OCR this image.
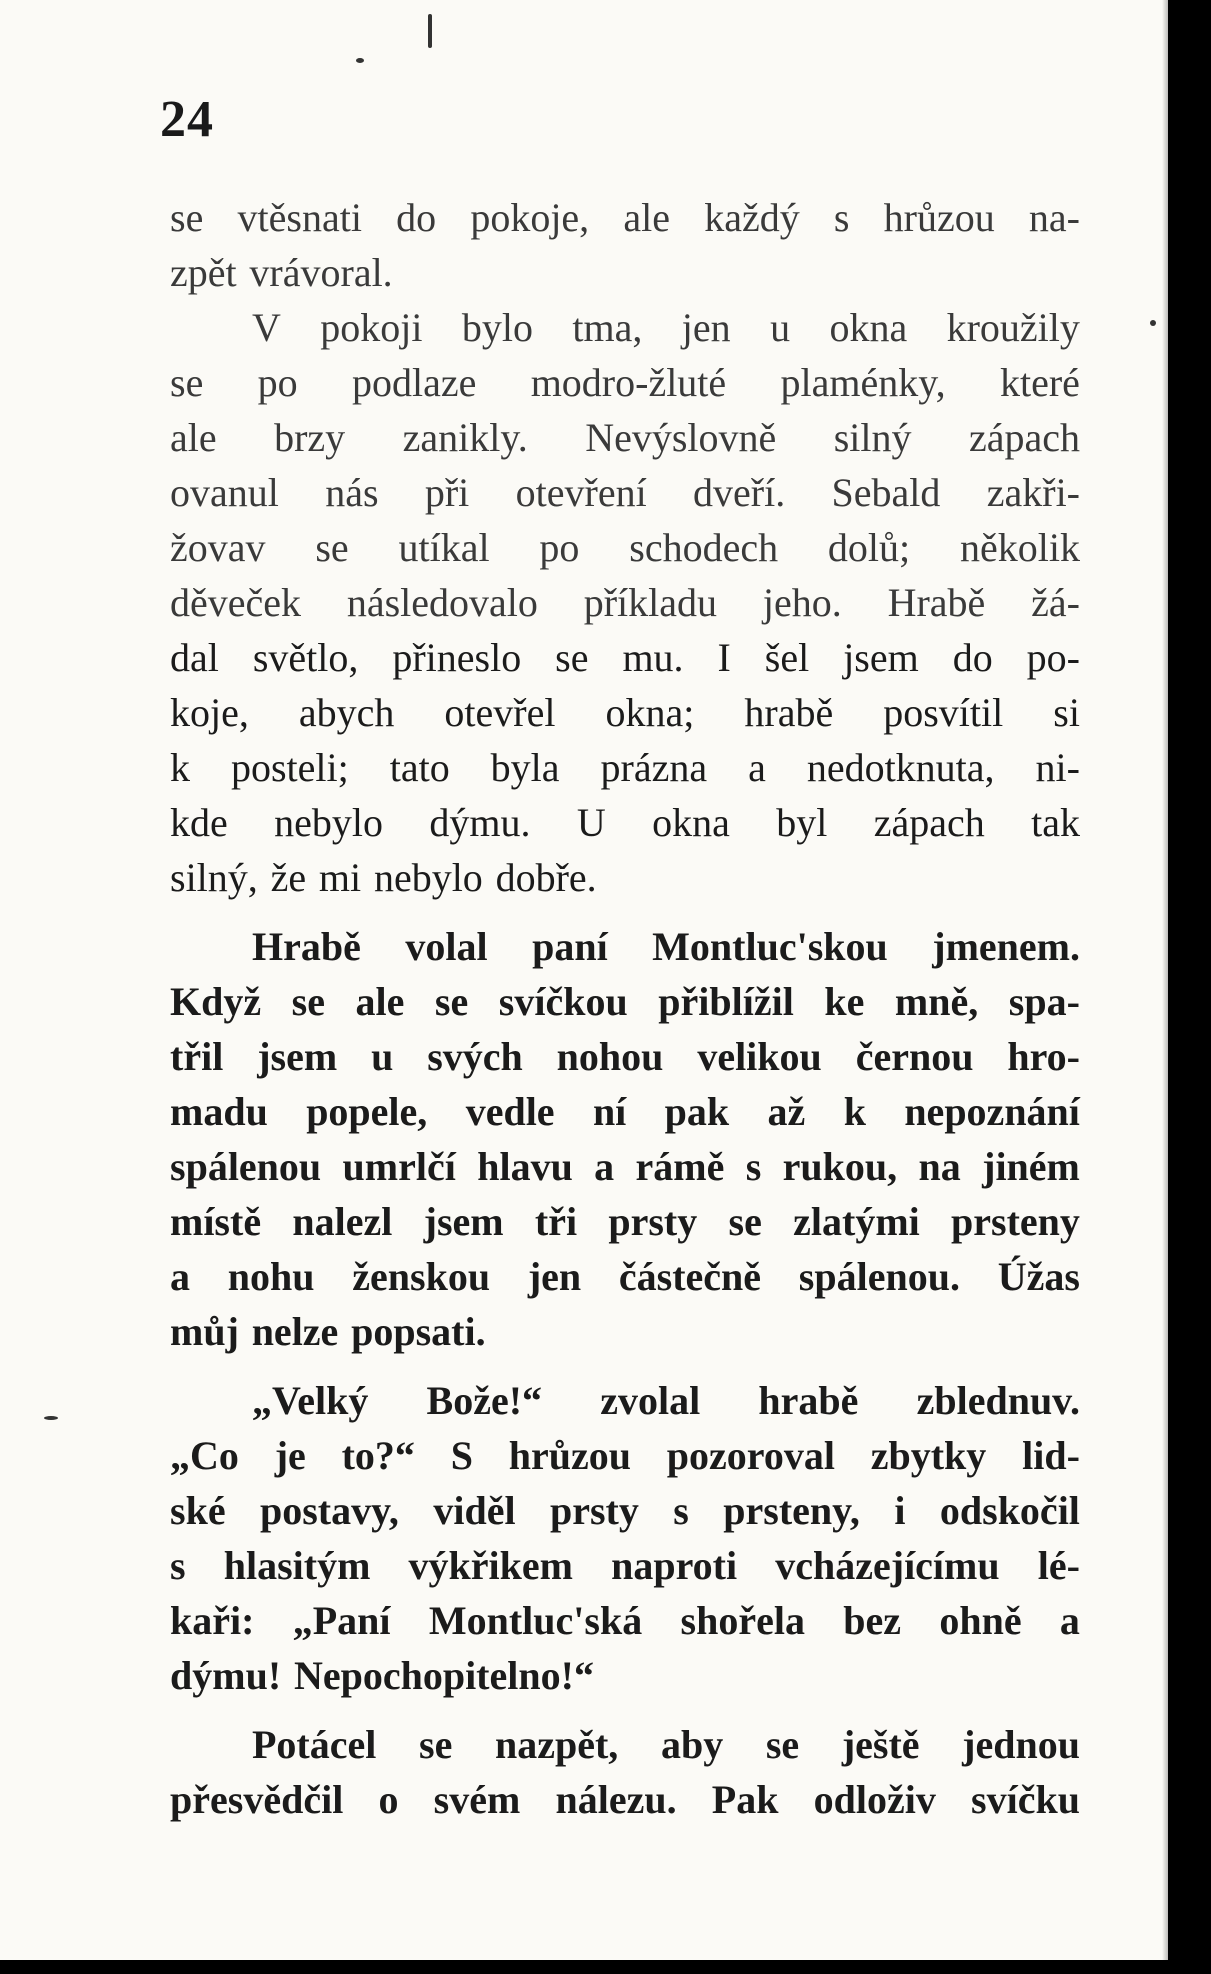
24
se vtěsnati do pokoje, ale každý s hrůzou na-
zpět vrávoral.
V pokoji bylo tma, jen u okna kroužily
se po podlaze modro-žluté plaménky, které
ale brzy zanikly. Nevýslovně silný zápach
ovanul nás při otevření dveří. Sebald zakři-
žovav se utíkal po schodech dolů; několik
děveček následovalo příkladu jeho. Hrabě žá-
dal světlo, přineslo se mu. I šel jsem do po-
koje, abych otevřel okna; hrabě posvítil si
k posteli; tato byla prázna a nedotknuta, ni-
kde nebylo dýmu. U okna byl zápach tak
silný, že mi nebylo dobře.
Hrabě volal paní Montluc'skou jmenem.
Když se ale se svíčkou přiblížil ke mně, spa-
třil jsem u svých nohou velikou černou hro-
madu popele, vedle ní pak až k nepoznání
spálenou umrlčí hlavu a rámě s rukou, na jiném
místě nalezl jsem tři prsty se zlatými prsteny
a nohu ženskou jen částečně spálenou. Úžas
můj nelze popsati.
„Velký Bože!“ zvolal hrabě zblednuv.
„Co je to?“ S hrůzou pozoroval zbytky lid-
ské postavy, viděl prsty s prsteny, i odskočil
s hlasitým výkřikem naproti vcházejícímu lé-
kaři: „Paní Montluc'ská shořela bez ohně a
dýmu! Nepochopitelno!“
Potácel se nazpět, aby se ještě jednou
přesvědčil o svém nálezu. Pak odloživ svíčku
